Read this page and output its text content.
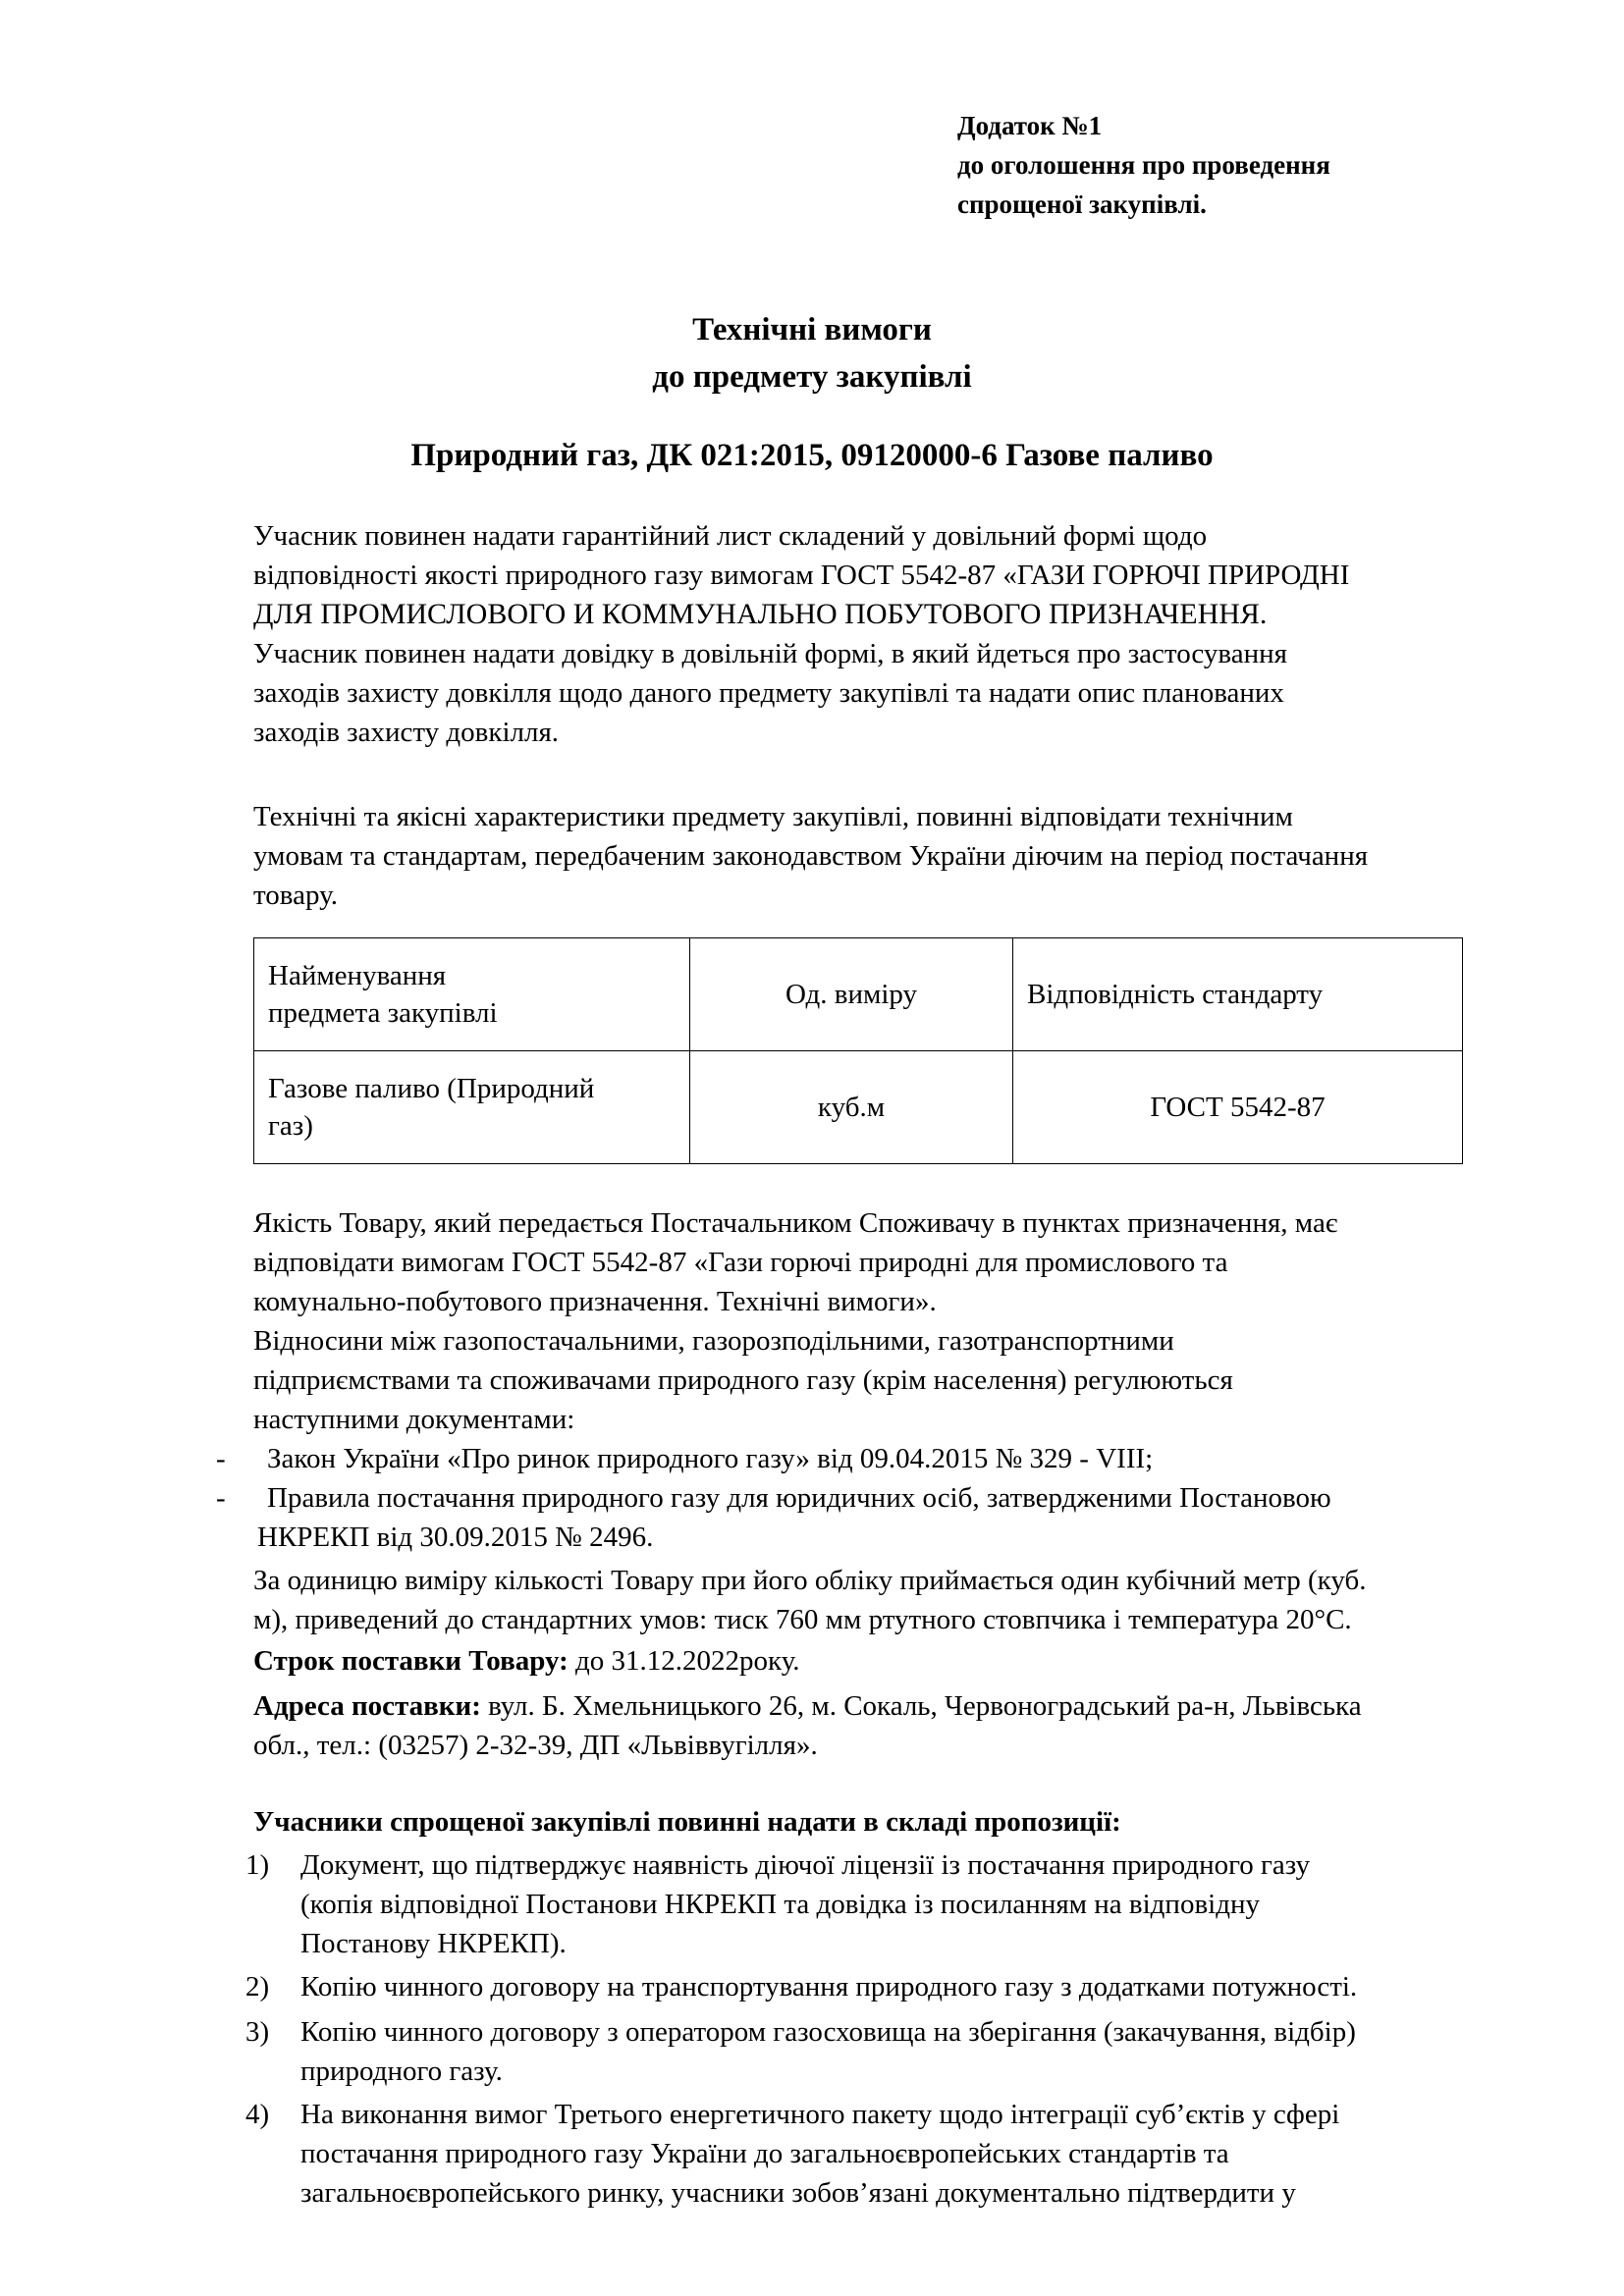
Додаток №1
до оголошення про проведення
спрощеної закупівлі.
Технічні вимоги
до предмету закупівлі
Природний газ, ДК 021:2015, 09120000-6 Газове паливо
Учасник повинен надати гарантійний лист складений у довільний формі щодо
відповідності якості природного газу вимогам ГОСТ 5542-87 «ГАЗИ ГОРЮЧІ ПРИРОДНІ
ДЛЯ ПРОМИСЛОВОГО И КОММУНАЛЬНО ПОБУТОВОГО ПРИЗНАЧЕННЯ.
Учасник повинен надати довідку в довільній формі, в який йдеться про застосування
заходів захисту довкілля щодо даного предмету закупівлі та надати опис планованих
заходів захисту довкілля.
Технічні та якісні характеристики предмету закупівлі, повинні відповідати технічним
умовам та стандартам, передбаченим законодавством України діючим на період постачання
товару.
Найменування
предмета закупівлі	Од. виміру	Відповідність стандарту

Газове паливо (Природний
газ)	куб.м	ГОСТ 5542-87
Якість Товару, який передається Постачальником Споживачу в пунктах призначення, має
відповідати вимогам ГОСТ 5542-87 «Гази горючі природні для промислового та
комунально-побутового призначення. Технічні вимоги».
Відносини між газопостачальними, газорозподільними, газотранспортними
підприємствами та споживачами природного газу (крім населення) регулюються
наступними документами:
- Закон України «Про ринок природного газу» від 09.04.2015 № 329 - VIII;
- Правила постачання природного газу для юридичних осіб, затвердженими Постановою
НКРЕКП від 30.09.2015 № 2496.
За одиницю виміру кількості Товару при його обліку приймається один кубічний метр (куб.
м), приведений до стандартних умов: тиск 760 мм ртутного стовпчика і температура 20°С.
Строк поставки Товару: до 31.12.2022року.
Адреса поставки: вул. Б. Хмельницького 26, м. Сокаль, Червоноградський ра-н, Львівська
обл., тел.: (03257) 2-32-39, ДП «Львіввугілля».
Учасники спрощеної закупівлі повинні надати в складі пропозиції:
1) Документ, що підтверджує наявність діючої ліцензії із постачання природного газу
(копія відповідної Постанови НКРЕКП та довідка із посиланням на відповідну
Постанову НКРЕКП).
2) Копію чинного договору на транспортування природного газу з додатками потужності.
3) Копію чинного договору з оператором газосховища на зберігання (закачування, відбір)
природного газу.
4) На виконання вимог Третього енергетичного пакету щодо інтеграції суб’єктів у сфері
постачання природного газу України до загальноєвропейських стандартів та
загальноєвропейського ринку, учасники зобов’язані документально підтвердити у
